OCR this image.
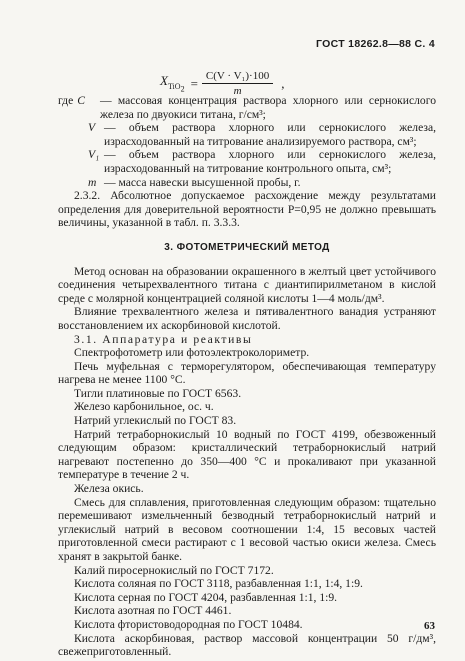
ГОСТ 18262.8—88 С. 4
$X_{TiO_2} = \frac{\text{C(V · V₁)·100}}{m}$ ,
где C	— массовая концентрация раствора хлорного или сернокислого железа по двуокиси титана, г/см³;
V — объем раствора хлорного или сернокислого железа, израсходованный на титрование анализируемого раствора, см³;
V₁ — объем раствора хлорного или сернокислого железа, израсходованный на титрование контрольного опыта, см³;
m — масса навески высушенной пробы, г.

2.3.2. Абсолютное допускаемое расхождение между результатами определения для доверительной вероятности P=0,95 не должно превышать величины, указанной в табл. п. 3.3.3.

3. ФОТОМЕТРИЧЕСКИЙ МЕТОД

Метод основан на образовании окрашенного в желтый цвет устойчивого соединения четырехвалентного титана с диантипирилметаном в кислой среде с молярной концентрацией соляной кислоты 1—4 моль/дм³.

Влияние трехвалентного железа и пятивалентного ванадия устраняют восстановлением их аскорбиновой кислотой.

3.1. Аппаратура и реактивы

Спектрофотометр или фотоэлектроколориметр.

Печь муфельная с терморегулятором, обеспечивающая температуру нагрева не менее 1100 °С.

Тигли платиновые по ГОСТ 6563.

Железо карбонильное, ос. ч.

Натрий углекислый по ГОСТ 83.

Натрий тетраборнокислый 10 водный по ГОСТ 4199, обезвоженный следующим образом: кристаллический тетраборнокислый натрий нагревают постепенно до 350—400 °С и прокаливают при указанной температуре в течение 2 ч.

Железа окись.

Смесь для сплавления, приготовленная следующим образом: тщательно перемешивают измельченный безводный тетраборнокислый натрий и углекислый натрий в весовом соотношении 1:4, 15 весовых частей приготовленной смеси растирают с 1 весовой частью окиси железа. Смесь хранят в закрытой банке.

Калий пиросернокислый по ГОСТ 7172.

Кислота соляная по ГОСТ 3118, разбавленная 1:1, 1:4, 1:9.

Кислота серная по ГОСТ 4204, разбавленная 1:1, 1:9.

Кислота азотная по ГОСТ 4461.

Кислота фтористоводородная по ГОСТ 10484.

Кислота аскорбиновая, раствор массовой концентрации 50 г/дм³, свежеприготовленный.

63
